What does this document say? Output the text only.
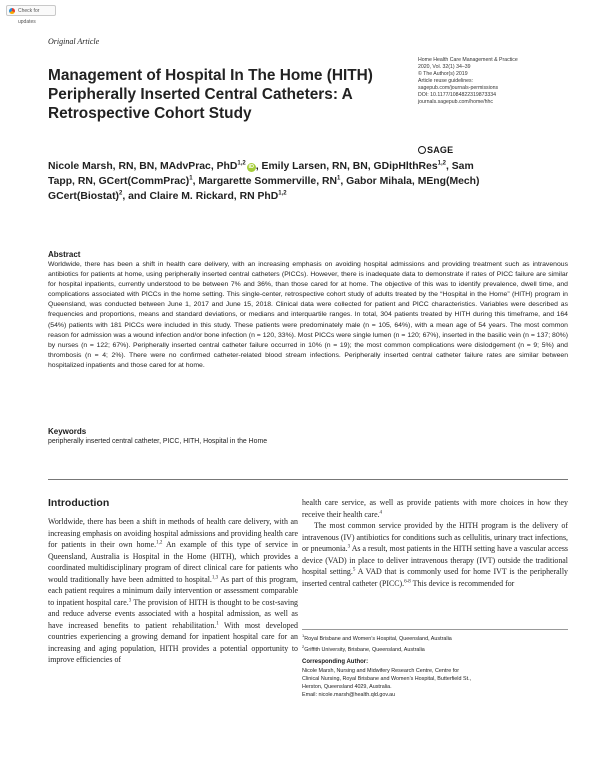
Check for updates
Original Article
Management of Hospital In The Home (HITH) Peripherally Inserted Central Catheters: A Retrospective Cohort Study
Home Health Care Management & Practice
2020, Vol. 32(1) 34–39
© The Author(s) 2019
Article reuse guidelines:
sagepub.com/journals-permissions
DOI: 10.1177/1084822319873334
journals.sagepub.com/home/hhc
SAGE
Nicole Marsh, RN, BN, MAdvPrac, PhD$^{1,2}$iD , Emily Larsen, RN, BN, GDipHlthRes$^{1,2}$, Sam Tapp, RN, GCert(CommPrac)$^1$, Margarette Sommerville, $RN^1$, Gabor Mihala, MEng(Mech) GCert(Biostat)$^2$, and Claire M. Rickard, RN PhD$^{1,2}$
Abstract
Worldwide, there has been a shift in health care delivery, with an increasing emphasis on avoiding hospital admissions and providing treatment such as intravenous antibiotics for patients at home, using peripherally inserted central catheters (PICCs). However, there is inadequate data to demonstrate if rates of PICC failure are similar for hospital inpatients, currently understood to be between 7% and 36%, than those cared for at home. The objective of this was to identify prevalence, dwell time, and complications associated with PICCs in the home setting. This single-center, retrospective cohort study of adults treated by the “Hospital in the Home” (HITH) program in Queensland, was conducted between June 1, 2017 and June 15, 2018. Clinical data were collected for patient and PICC characteristics. Variables were described as frequencies and proportions, means and standard deviations, or medians and interquartile ranges. In total, 304 patients treated by HITH during this timeframe, and 164 (54%) patients with 181 PICCs were included in this study. These patients were predominately male (n = 105, 64%), with a mean age of 54 years. The most common reason for admission was a wound infection and/or bone infection (n = 120, 33%). Most PICCs were single lumen (n = 120; 67%), inserted in the basilic vein (n = 137; 80%) by nurses (n = 122; 67%). Peripherally inserted central catheter failure occurred in 10% (n = 19); the most common complications were dislodgement (n = 9; 5%) and thrombosis (n = 4; 2%). There were no confirmed catheter-related blood stream infections. Peripherally inserted central catheter failure rates are similar between hospitalized inpatients and those cared for at home.
Keywords
peripherally inserted central catheter, PICC, HITH, Hospital in the Home
Introduction

Worldwide, there has been a shift in methods of health care delivery, with an increasing emphasis on avoiding hospital admissions and providing health care for patients in their own home.$^{1,2}$ An example of this type of service in Queensland, Australia is Hospital in the Home (HITH), which provides a coordinated multidisciplinary program of direct clinical care for patients who would traditionally have been admitted to hospital.$^{1,3}$ As part of this program, each patient requires a minimum daily intervention or assessment comparable to inpatient hospital care.$^3$ The provision of HITH is thought to be cost-saving and reduce adverse events associated with a hospital admission, as well as have increased benefits to patient rehabilitation.$^1$ With most developed countries experiencing a growing demand for inpatient hospital care for an increasing and aging population, HITH provides a potential opportunity to improve efficiencies of

health care service, as well as provide patients with more choices in how they receive their health care.$^4$

The most common service provided by the HITH program is the delivery of intravenous (IV) antibiotics for conditions such as cellulitis, urinary tract infections, or pneumonia.$^3$ As a result, most patients in the HITH setting have a vascular access device (VAD) in place to deliver intravenous therapy (IVT) outside the traditional hospital setting.$^5$ A VAD that is commonly used for home IVT is the peripherally inserted central catheter (PICC).$^{6-8}$ This device is recommended for

$^1$Royal Brisbane and Women’s Hospital, Queensland, Australia
$^2$Griffith University, Brisbane, Queensland, Australia
Corresponding Author:
Nicole Marsh, Nursing and Midwifery Research Centre, Centre for
Clinical Nursing, Royal Brisbane and Women’s Hospital, Butterfield St.,
Herston, Queensland 4029, Australia.
Email: nicole.marsh@health.qld.gov.au
